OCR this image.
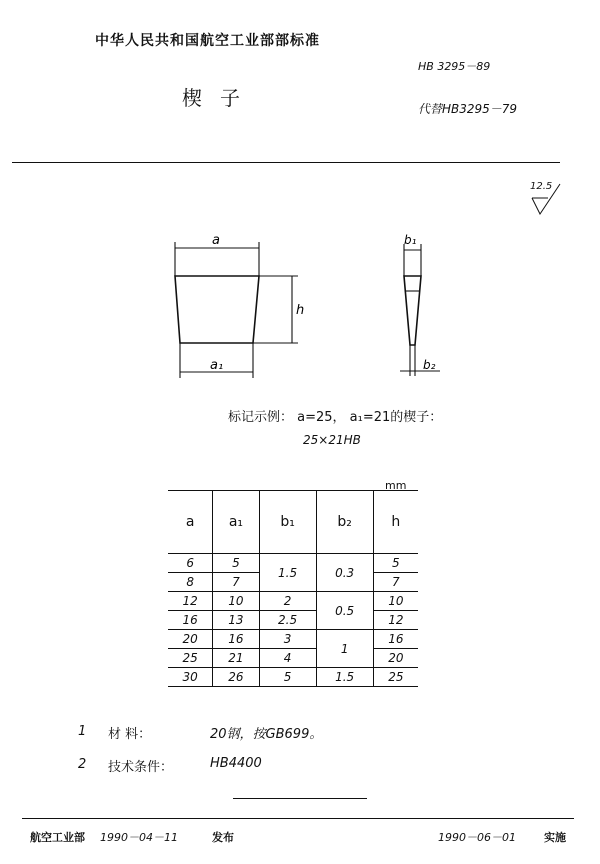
中华人民共和国航空工业部部标准
HB 3295－89
楔子	代替HB3295－79
12.5
a
a₁
h
b₁
b₂
标记示例： a=25， a₁=21的楔子：
25×21HB
mm
a	a₁	b₁	b₂	h
6	5	1.5	0.3	5
8	7			7
12	10	2	0.5	10
16	13	2.5		12
20	16	3	1	16
25	21	4		20
30	26	5	1.5	25
1 材 料：	20钢，按GB699。
2 技术条件：	HB4400
航空工业部 1990－04－11	发布	1990－06－01	实施
